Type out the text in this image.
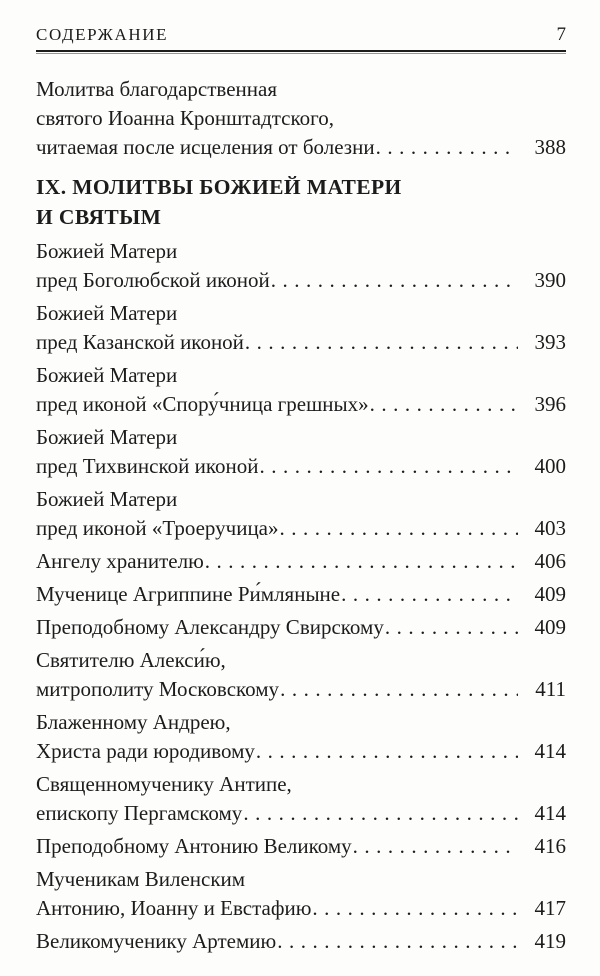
СОДЕРЖАНИЕ	7
Молитва благодарственная
святого Иоанна Кронштадтского,
читаемая после исцеления от болезни .....	388
IX. МОЛИТВЫ БОЖИЕЙ МАТЕРИ
И СВЯТЫМ
Божией Матери
пред Боголюбской иконой .....	390
Божией Матери
пред Казанской иконой .....	393
Божией Матери
пред иконой «Спору́чница грешных» .....	396
Божией Матери
пред Тихвинской иконой .....	400
Божией Матери
пред иконой «Троеручица» .....	403
Ангелу хранителю .....	406
Мученице Агриппине Ри́мляныне .....	409
Преподобному Александру Свирскому .....	409
Святителю Алекси́ю,
митрополиту Московскому .....	411
Блаженному Андрею,
Христа ради юродивому .....	414
Священномученику Антипе,
епископу Пергамскому .....	414
Преподобному Антонию Великому .....	416
Мученикам Виленским
Антонию, Иоанну и Евстафию .....	417
Великомученику Артемию .....	419
